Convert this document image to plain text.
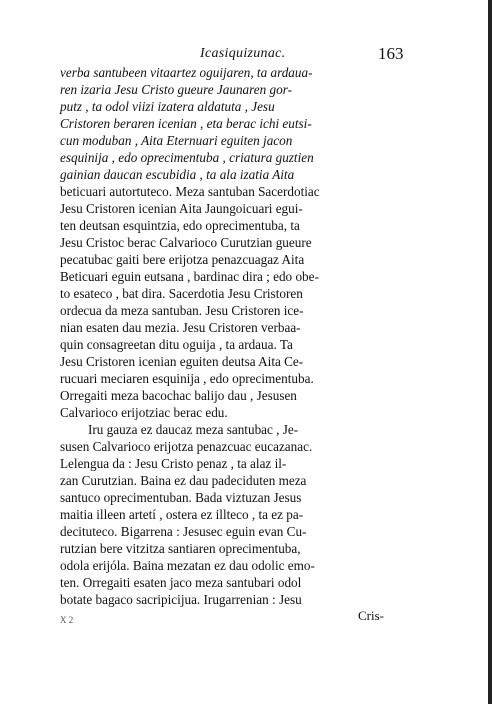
Icasiquizunac.	163
verba santubeen vitaartez oguijaren, ta ardaua-
ren izaria Jesu Cristo gueure Jaunaren gor-
putz , ta odol viizi izatera aldatuta , Jesu
Cristoren beraren icenian , eta berac ichi eutsi-
cun moduban , Aita Eternuari eguiten jacon
esquinija , edo oprecimentuba , criatura guztien
gainian daucan escubidia , ta ala izatia Aita
beticuari autortuteco. Meza santuban Sacerdotiac
Jesu Cristoren icenian Aita Jaungoicuari egui-
ten deutsan esquintzia, edo oprecimentuba, ta
Jesu Cristoc berac Calvarioco Curutzian gueure
pecatubac gaiti bere erijotza penazcuagaz Aita
Beticuari eguin eutsana , bardinac dira ; edo obe-
to esateco , bat dira. Sacerdotia Jesu Cristoren
ordecua da meza santuban. Jesu Cristoren ice-
nian esaten dau mezia. Jesu Cristoren verbaa-
quin consagreetan ditu oguija , ta ardaua. Ta
Jesu Cristoren icenian eguiten deutsa Aita Ce-
rucuari meciaren esquinija , edo oprecimentuba.
Orregaiti meza bacochac balijo dau , Jesusen
Calvarioco erijotziac berac edu.
Iru gauza ez daucaz meza santubac , Je-
susen Calvarioco erijotza penazcuac eucazanac.
Lelengua da : Jesu Cristo penaz , ta alaz il-
zan Curutzian. Baina ez dau padeciduten meza
santuco oprecimentuban. Bada viztuzan Jesus
maitia illeen artetí , ostera ez illteco , ta ez pa-
decituteco. Bigarrena : Jesusec eguin evan Cu-
rutzian bere vitzitza santiaren oprecimentuba,
odola erijóla. Baina mezatan ez dau odolic emo-
ten. Orregaiti esaten jaco meza santubari odol
botate bagaco sacripicijua. Irugarrenian : Jesu
X 2	Cris-
